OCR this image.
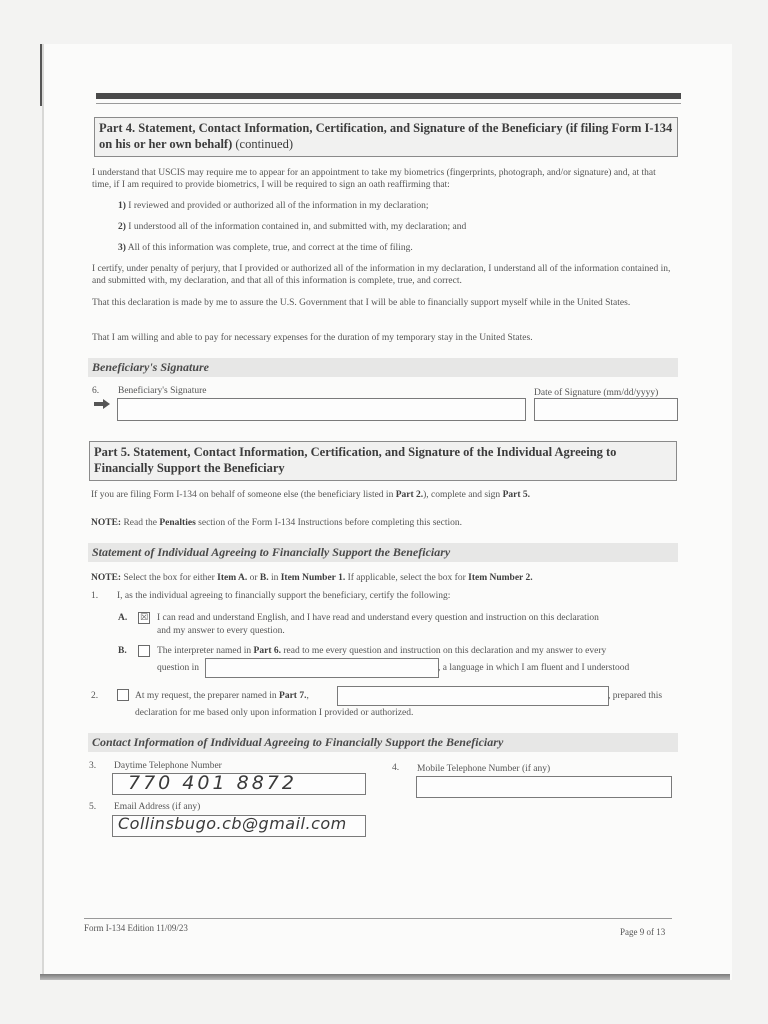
Part 4. Statement, Contact Information, Certification, and Signature of the Beneficiary (if filing Form I-134 on his or her own behalf) (continued)
I understand that USCIS may require me to appear for an appointment to take my biometrics (fingerprints, photograph, and/or signature) and, at that time, if I am required to provide biometrics, I will be required to sign an oath reaffirming that:
1) I reviewed and provided or authorized all of the information in my declaration;
2) I understood all of the information contained in, and submitted with, my declaration; and
3) All of this information was complete, true, and correct at the time of filing.
I certify, under penalty of perjury, that I provided or authorized all of the information in my declaration, I understand all of the information contained in, and submitted with, my declaration, and that all of this information is complete, true, and correct.
That this declaration is made by me to assure the U.S. Government that I will be able to financially support myself while in the United States.
That I am willing and able to pay for necessary expenses for the duration of my temporary stay in the United States.
Beneficiary's Signature
6. Beneficiary's Signature	Date of Signature (mm/dd/yyyy)
Part 5. Statement, Contact Information, Certification, and Signature of the Individual Agreeing to Financially Support the Beneficiary
If you are filing Form I-134 on behalf of someone else (the beneficiary listed in Part 2.), complete and sign Part 5.
NOTE: Read the Penalties section of the Form I-134 Instructions before completing this section.
Statement of Individual Agreeing to Financially Support the Beneficiary
NOTE: Select the box for either Item A. or B. in Item Number 1. If applicable, select the box for Item Number 2.
1. I, as the individual agreeing to financially support the beneficiary, certify the following:
A. ☒ I can read and understand English, and I have read and understand every question and instruction on this declaration
and my answer to every question.
B.	The interpreter named in Part 6. read to me every question and instruction on this declaration and my answer to every
question in	, a language in which I am fluent and I understood
2.	At my request, the preparer named in Part 7.,	, prepared this
declaration for me based only upon information I provided or authorized.
Contact Information of Individual Agreeing to Financially Support the Beneficiary
3. Daytime Telephone Number
770 401 8872
4. Mobile Telephone Number (if any)
5. Email Address (if any)
Collinsbugo.cb@gmail.com
Form I-134 Edition 11/09/23	Page 9 of 13
